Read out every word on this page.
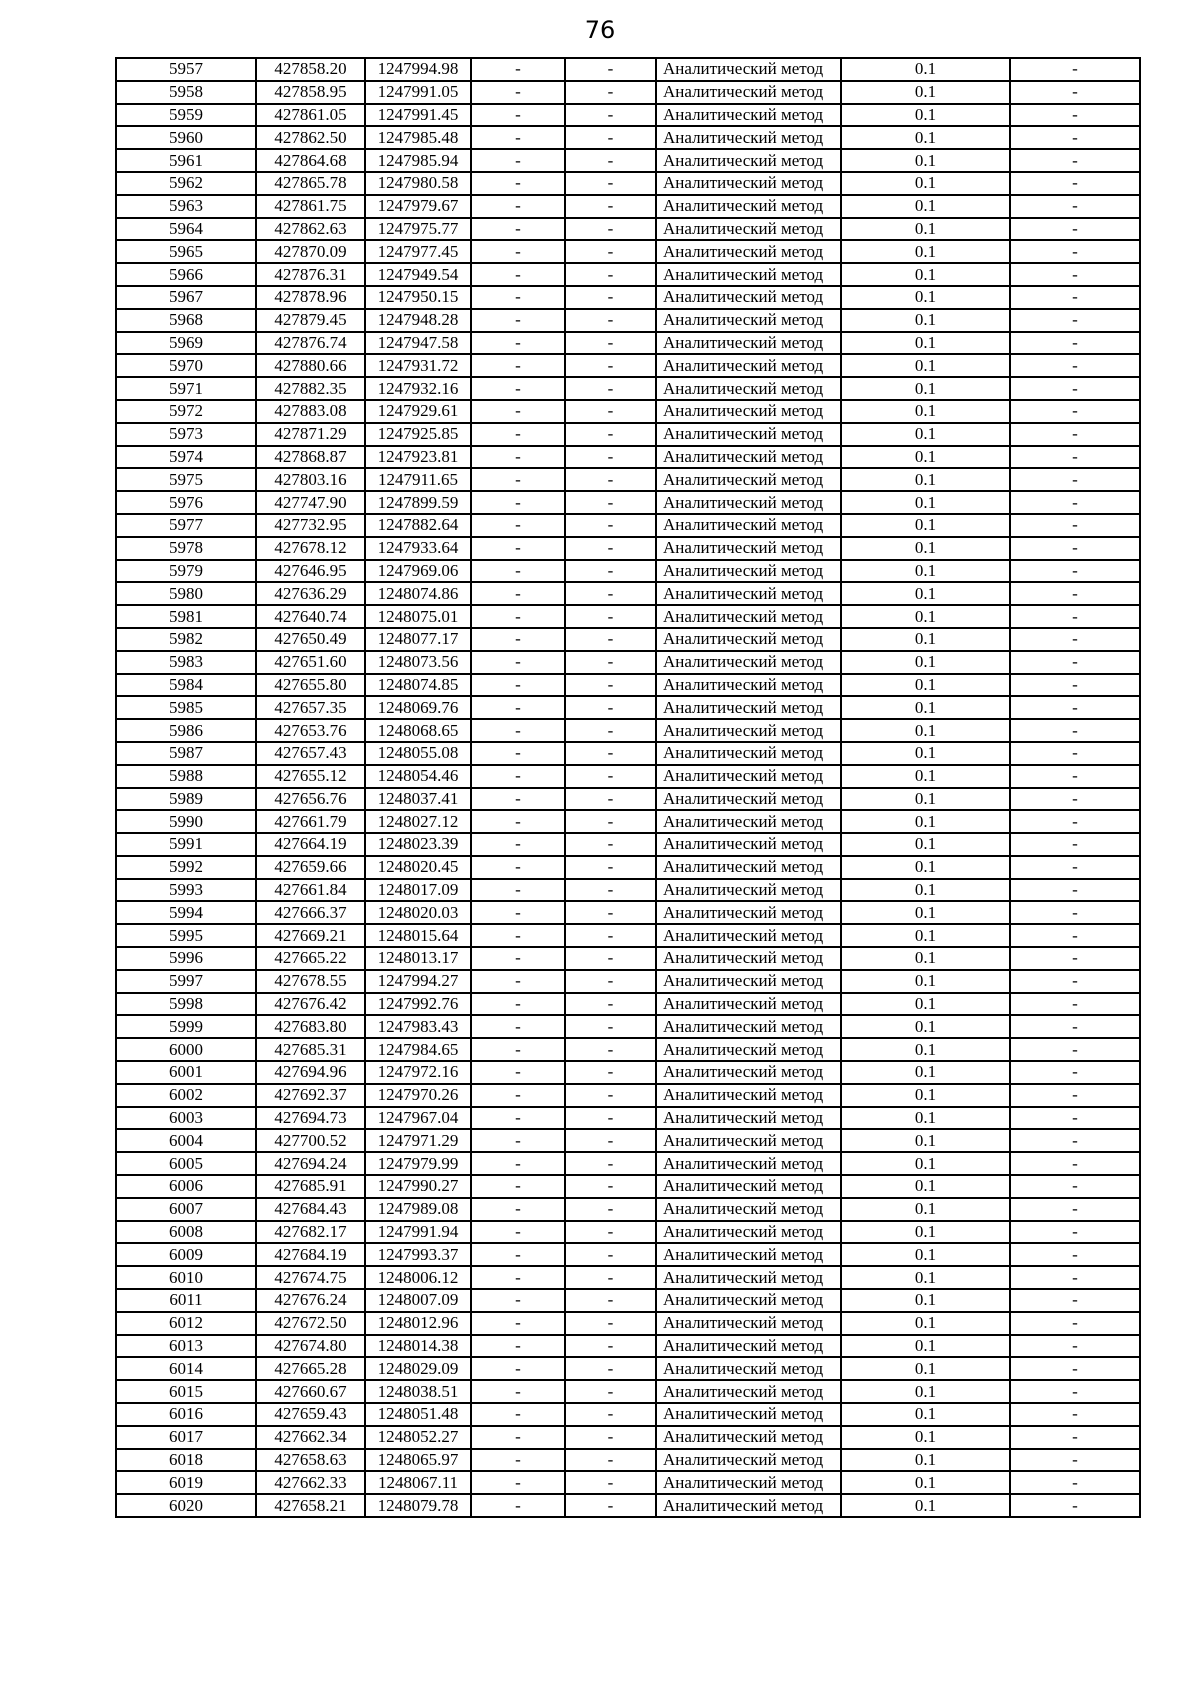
76
5957	427858.20	1247994.98	-	-	Аналитический метод	0.1	-
5958	427858.95	1247991.05	-	-	Аналитический метод	0.1	-
5959	427861.05	1247991.45	-	-	Аналитический метод	0.1	-
5960	427862.50	1247985.48	-	-	Аналитический метод	0.1	-
5961	427864.68	1247985.94	-	-	Аналитический метод	0.1	-
5962	427865.78	1247980.58	-	-	Аналитический метод	0.1	-
5963	427861.75	1247979.67	-	-	Аналитический метод	0.1	-
5964	427862.63	1247975.77	-	-	Аналитический метод	0.1	-
5965	427870.09	1247977.45	-	-	Аналитический метод	0.1	-
5966	427876.31	1247949.54	-	-	Аналитический метод	0.1	-
5967	427878.96	1247950.15	-	-	Аналитический метод	0.1	-
5968	427879.45	1247948.28	-	-	Аналитический метод	0.1	-
5969	427876.74	1247947.58	-	-	Аналитический метод	0.1	-
5970	427880.66	1247931.72	-	-	Аналитический метод	0.1	-
5971	427882.35	1247932.16	-	-	Аналитический метод	0.1	-
5972	427883.08	1247929.61	-	-	Аналитический метод	0.1	-
5973	427871.29	1247925.85	-	-	Аналитический метод	0.1	-
5974	427868.87	1247923.81	-	-	Аналитический метод	0.1	-
5975	427803.16	1247911.65	-	-	Аналитический метод	0.1	-
5976	427747.90	1247899.59	-	-	Аналитический метод	0.1	-
5977	427732.95	1247882.64	-	-	Аналитический метод	0.1	-
5978	427678.12	1247933.64	-	-	Аналитический метод	0.1	-
5979	427646.95	1247969.06	-	-	Аналитический метод	0.1	-
5980	427636.29	1248074.86	-	-	Аналитический метод	0.1	-
5981	427640.74	1248075.01	-	-	Аналитический метод	0.1	-
5982	427650.49	1248077.17	-	-	Аналитический метод	0.1	-
5983	427651.60	1248073.56	-	-	Аналитический метод	0.1	-
5984	427655.80	1248074.85	-	-	Аналитический метод	0.1	-
5985	427657.35	1248069.76	-	-	Аналитический метод	0.1	-
5986	427653.76	1248068.65	-	-	Аналитический метод	0.1	-
5987	427657.43	1248055.08	-	-	Аналитический метод	0.1	-
5988	427655.12	1248054.46	-	-	Аналитический метод	0.1	-
5989	427656.76	1248037.41	-	-	Аналитический метод	0.1	-
5990	427661.79	1248027.12	-	-	Аналитический метод	0.1	-
5991	427664.19	1248023.39	-	-	Аналитический метод	0.1	-
5992	427659.66	1248020.45	-	-	Аналитический метод	0.1	-
5993	427661.84	1248017.09	-	-	Аналитический метод	0.1	-
5994	427666.37	1248020.03	-	-	Аналитический метод	0.1	-
5995	427669.21	1248015.64	-	-	Аналитический метод	0.1	-
5996	427665.22	1248013.17	-	-	Аналитический метод	0.1	-
5997	427678.55	1247994.27	-	-	Аналитический метод	0.1	-
5998	427676.42	1247992.76	-	-	Аналитический метод	0.1	-
5999	427683.80	1247983.43	-	-	Аналитический метод	0.1	-
6000	427685.31	1247984.65	-	-	Аналитический метод	0.1	-
6001	427694.96	1247972.16	-	-	Аналитический метод	0.1	-
6002	427692.37	1247970.26	-	-	Аналитический метод	0.1	-
6003	427694.73	1247967.04	-	-	Аналитический метод	0.1	-
6004	427700.52	1247971.29	-	-	Аналитический метод	0.1	-
6005	427694.24	1247979.99	-	-	Аналитический метод	0.1	-
6006	427685.91	1247990.27	-	-	Аналитический метод	0.1	-
6007	427684.43	1247989.08	-	-	Аналитический метод	0.1	-
6008	427682.17	1247991.94	-	-	Аналитический метод	0.1	-
6009	427684.19	1247993.37	-	-	Аналитический метод	0.1	-
6010	427674.75	1248006.12	-	-	Аналитический метод	0.1	-
6011	427676.24	1248007.09	-	-	Аналитический метод	0.1	-
6012	427672.50	1248012.96	-	-	Аналитический метод	0.1	-
6013	427674.80	1248014.38	-	-	Аналитический метод	0.1	-
6014	427665.28	1248029.09	-	-	Аналитический метод	0.1	-
6015	427660.67	1248038.51	-	-	Аналитический метод	0.1	-
6016	427659.43	1248051.48	-	-	Аналитический метод	0.1	-
6017	427662.34	1248052.27	-	-	Аналитический метод	0.1	-
6018	427658.63	1248065.97	-	-	Аналитический метод	0.1	-
6019	427662.33	1248067.11	-	-	Аналитический метод	0.1	-
6020	427658.21	1248079.78	-	-	Аналитический метод	0.1	-
